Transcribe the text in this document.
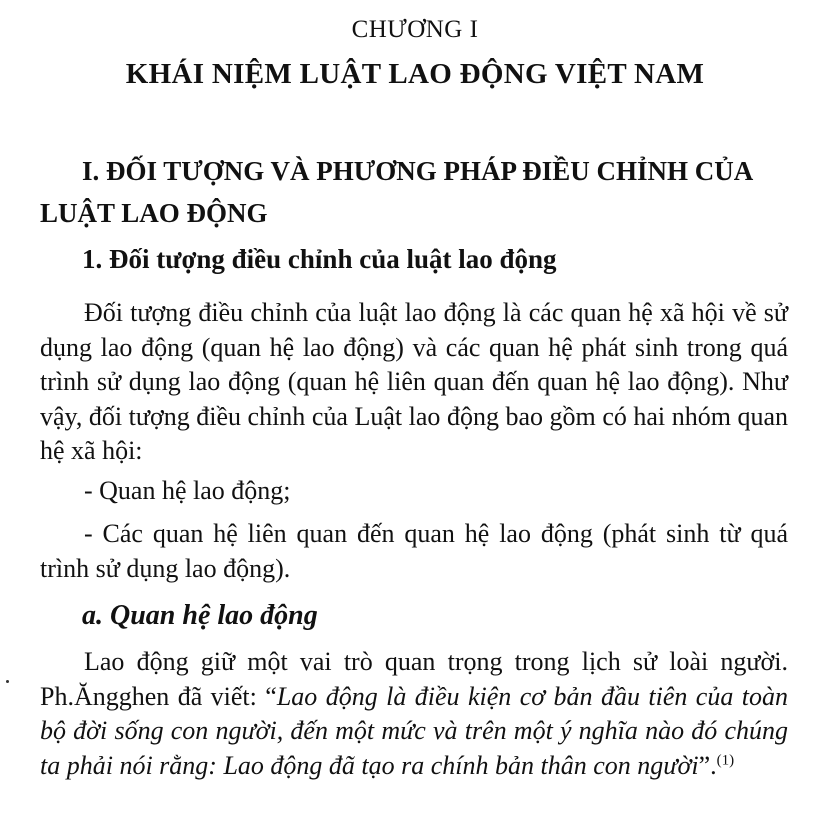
CHƯƠNG I
KHÁI NIỆM LUẬT LAO ĐỘNG VIỆT NAM
I. ĐỐI TƯỢNG VÀ PHƯƠNG PHÁP ĐIỀU CHỈNH CỦA LUẬT LAO ĐỘNG
1. Đối tượng điều chỉnh của luật lao động
Đối tượng điều chỉnh của luật lao động là các quan hệ xã hội về sử dụng lao động (quan hệ lao động) và các quan hệ phát sinh trong quá trình sử dụng lao động (quan hệ liên quan đến quan hệ lao động). Như vậy, đối tượng điều chỉnh của Luật lao động bao gồm có hai nhóm quan hệ xã hội:
- Quan hệ lao động;
- Các quan hệ liên quan đến quan hệ lao động (phát sinh từ quá trình sử dụng lao động).
a. Quan hệ lao động
Lao động giữ một vai trò quan trọng trong lịch sử loài người. Ph.Ăngghen đã viết: “Lao động là điều kiện cơ bản đầu tiên của toàn bộ đời sống con người, đến một mức và trên một ý nghĩa nào đó chúng ta phải nói rằng: Lao động đã tạo ra chính bản thân con người”.$^{(1)}$
